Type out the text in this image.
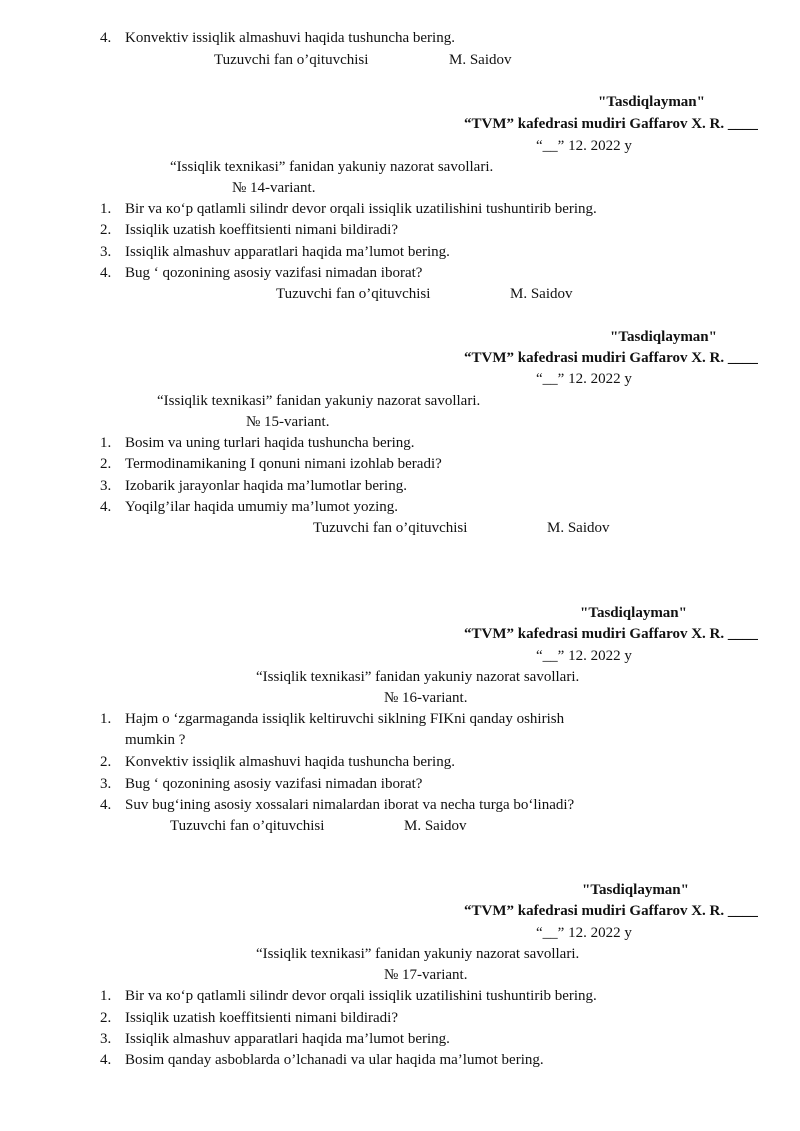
4. Konvektiv issiqlik almashuvi haqida tushuncha bering.
Tuzuvchi fan o’qituvchisi	M. Saidov
"Tasdiqlayman"
“TVM” kafedrasi mudiri Gaffarov X. R. ____
“__” 12. 2022 y
“Issiqlik texnikasi” fanidan yakuniy nazorat savollari.
№ 14-variant.
1. Bir va кo‘p qatlamli silindr devor orqali issiqlik uzatilishini tushuntirib bering.
2. Issiqlik uzatish koeffitsienti nimani bildiradi?
3. Issiqlik almashuv apparatlari haqida ma’lumot bering.
4. Bug ‘ qozonining asosiy vazifasi nimadan iborat?
Tuzuvchi fan o’qituvchisi	M. Saidov
"Tasdiqlayman"
“TVM” kafedrasi mudiri Gaffarov X. R. ____
“__” 12. 2022 y
“Issiqlik texnikasi” fanidan yakuniy nazorat savollari.
№ 15-variant.
1. Bosim va uning turlari haqida tushuncha bering.
2. Termodinamikaning I qonuni nimani izohlab beradi?
3. Izobarik jarayonlar haqida ma’lumotlar bering.
4. Yoqilg’ilar haqida umumiy ma’lumot yozing.
Tuzuvchi fan o’qituvchisi	M. Saidov
"Tasdiqlayman"
“TVM” kafedrasi mudiri Gaffarov X. R. ____
“__” 12. 2022 y
“Issiqlik texnikasi” fanidan yakuniy nazorat savollari.
№ 16-variant.
1. Hajm o ‘zgarmaganda issiqlik keltiruvchi siklning FIKni qanday oshirish mumkin ?
2. Konvektiv issiqlik almashuvi haqida tushuncha bering.
3. Bug ‘ qozonining asosiy vazifasi nimadan iborat?
4. Suv bug‘ining asosiy xossalari nimalardan iborat va necha turga bo‘linadi?
Tuzuvchi fan o’qituvchisi	M. Saidov
"Tasdiqlayman"
“TVM” kafedrasi mudiri Gaffarov X. R. ____
“__” 12. 2022 y
“Issiqlik texnikasi” fanidan yakuniy nazorat savollari.
№ 17-variant.
1. Bir va кo‘p qatlamli silindr devor orqali issiqlik uzatilishini tushuntirib bering.
2. Issiqlik uzatish koeffitsienti nimani bildiradi?
3. Issiqlik almashuv apparatlari haqida ma’lumot bering.
4. Bosim qanday asboblarda o’lchanadi va ular haqida ma’lumot bering.
